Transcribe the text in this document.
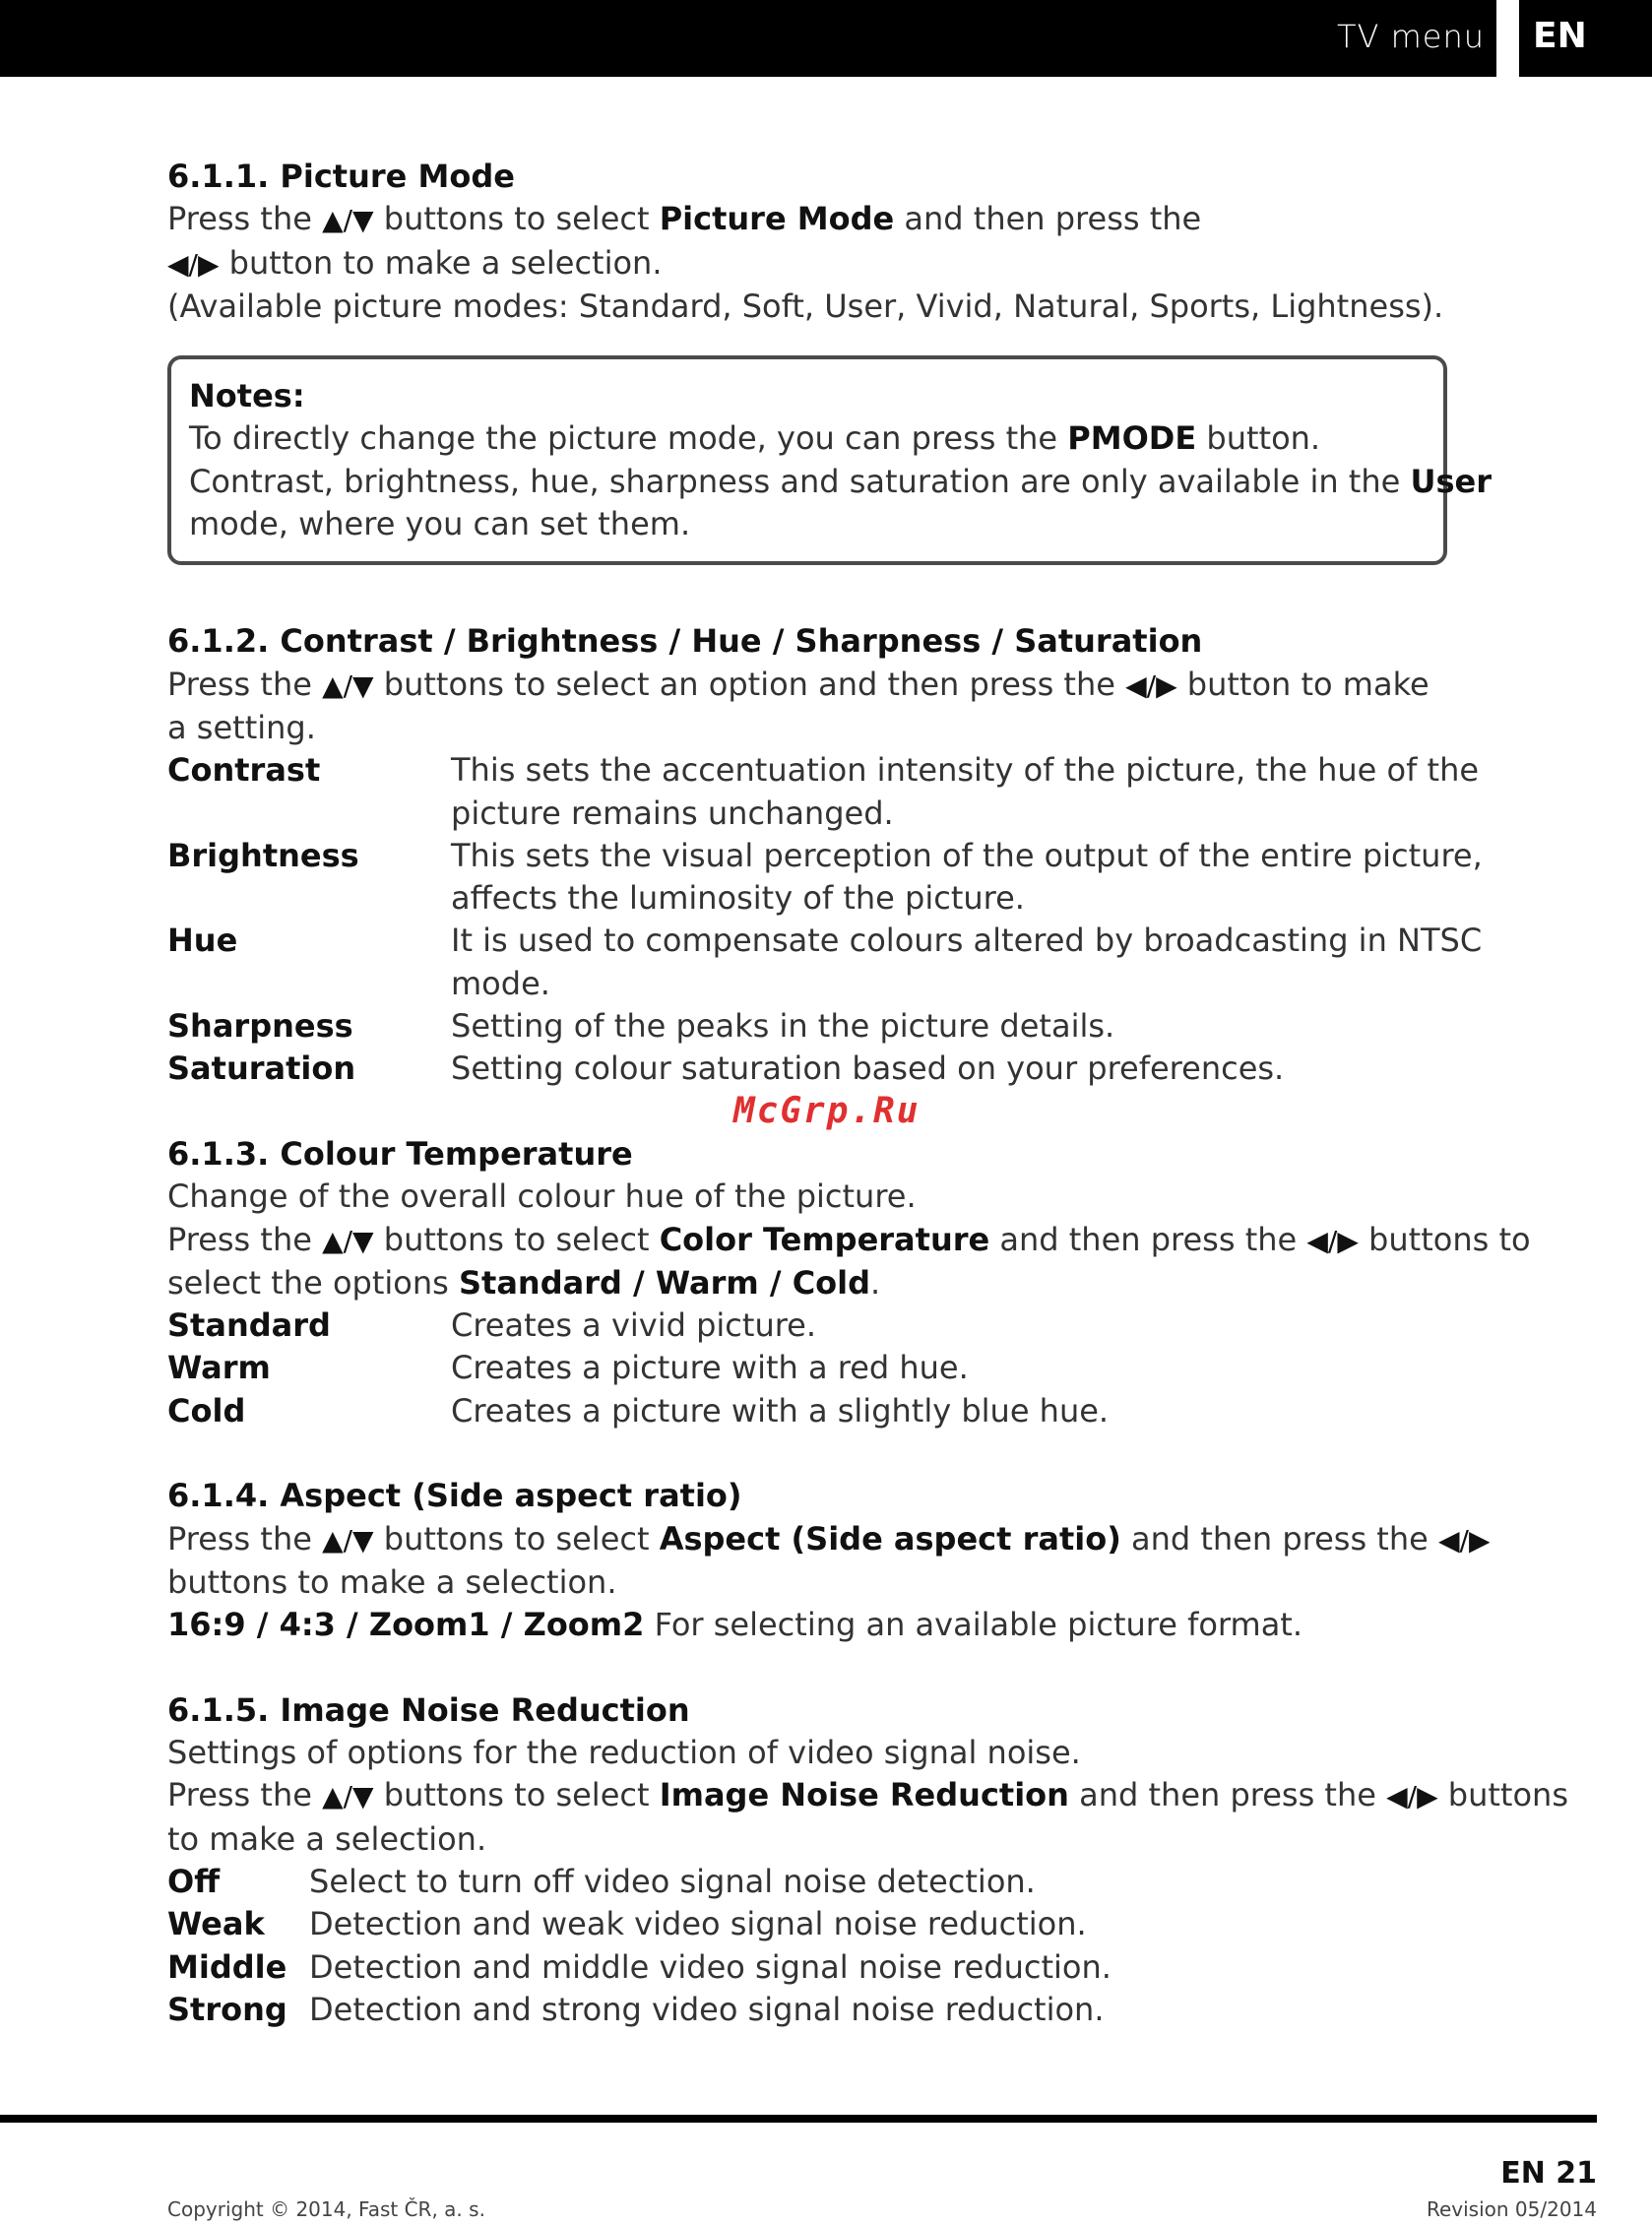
TV menu EN
6.1.1. Picture Mode
Press the ▲/▼ buttons to select Picture Mode and then press the
◀/▶ button to make a selection.
(Available picture modes: Standard, Soft, User, Vivid, Natural, Sports, Lightness).
Notes:
To directly change the picture mode, you can press the PMODE button.
Contrast, brightness, hue, sharpness and saturation are only available in the User
mode, where you can set them.
6.1.2. Contrast / Brightness / Hue / Sharpness / Saturation
Press the ▲/▼ buttons to select an option and then press the ◀/▶ button to make
a setting.
Contrast	This sets the accentuation intensity of the picture, the hue of the
picture remains unchanged.
Brightness	This sets the visual perception of the output of the entire picture,
affects the luminosity of the picture.
Hue	It is used to compensate colours altered by broadcasting in NTSC
mode.
Sharpness	Setting of the peaks in the picture details.
Saturation	Setting colour saturation based on your preferences.
6.1.3. Colour Temperature
Change of the overall colour hue of the picture.
Press the ▲/▼ buttons to select Color Temperature and then press the ◀/▶ buttons to
select the options Standard / Warm / Cold.
Standard	Creates a vivid picture.
Warm	Creates a picture with a red hue.
Cold	Creates a picture with a slightly blue hue.
6.1.4. Aspect (Side aspect ratio)
Press the ▲/▼ buttons to select Aspect (Side aspect ratio) and then press the ◀/▶
buttons to make a selection.
16:9 / 4:3 / Zoom1 / Zoom2 For selecting an available picture format.
6.1.5. Image Noise Reduction
Settings of options for the reduction of video signal noise.
Press the ▲/▼ buttons to select Image Noise Reduction and then press the ◀/▶ buttons
to make a selection.
Off	Select to turn off video signal noise detection.
Weak	Detection and weak video signal noise reduction.
Middle Detection and middle video signal noise reduction.
Strong Detection and strong video signal noise reduction.
McGrp.Ru
EN 21
Copyright © 2014, Fast ČR, a. s.	Revision 05/2014
